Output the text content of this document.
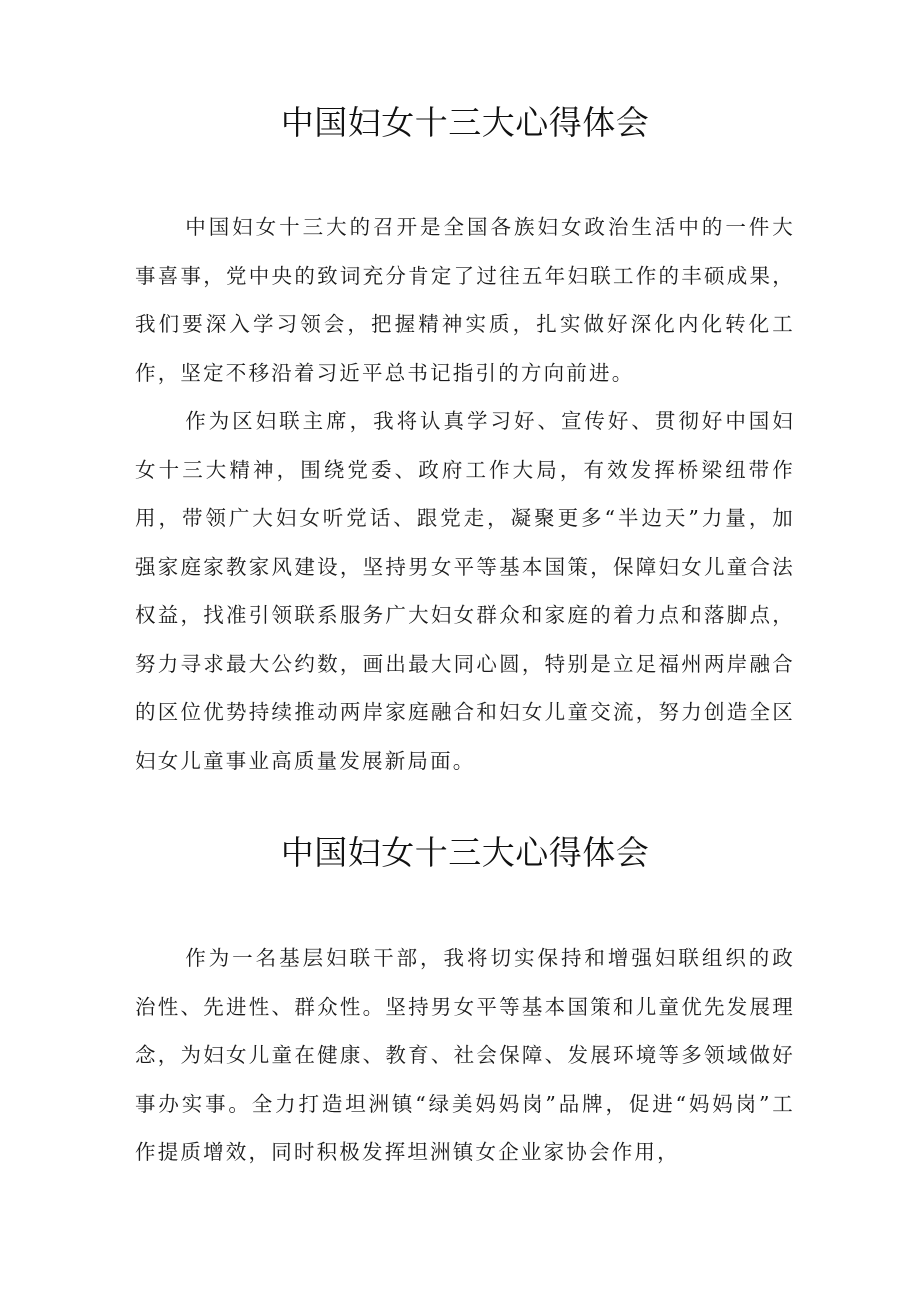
中国妇女十三大心得体会

中国妇女十三大的召开是全国各族妇女政治生活中的一件大事喜事，党中央的致词充分肯定了过往五年妇联工作的丰硕成果，我们要深入学习领会，把握精神实质，扎实做好深化内化转化工作，坚定不移沿着习近平总书记指引的方向前进。

作为区妇联主席，我将认真学习好、宣传好、贯彻好中国妇女十三大精神，围绕党委、政府工作大局，有效发挥桥梁纽带作用，带领广大妇女听党话、跟党走，凝聚更多“半边天”力量，加强家庭家教家风建设，坚持男女平等基本国策，保障妇女儿童合法权益，找准引领联系服务广大妇女群众和家庭的着力点和落脚点，努力寻求最大公约数，画出最大同心圆，特别是立足福州两岸融合的区位优势持续推动两岸家庭融合和妇女儿童交流，努力创造全区妇女儿童事业高质量发展新局面。

中国妇女十三大心得体会

作为一名基层妇联干部，我将切实保持和增强妇联组织的政治性、先进性、群众性。坚持男女平等基本国策和儿童优先发展理念，为妇女儿童在健康、教育、社会保障、发展环境等多领域做好事办实事。全力打造坦洲镇“绿美妈妈岗”品牌，促进“妈妈岗”工作提质增效，同时积极发挥坦洲镇女企业家协会作用，
